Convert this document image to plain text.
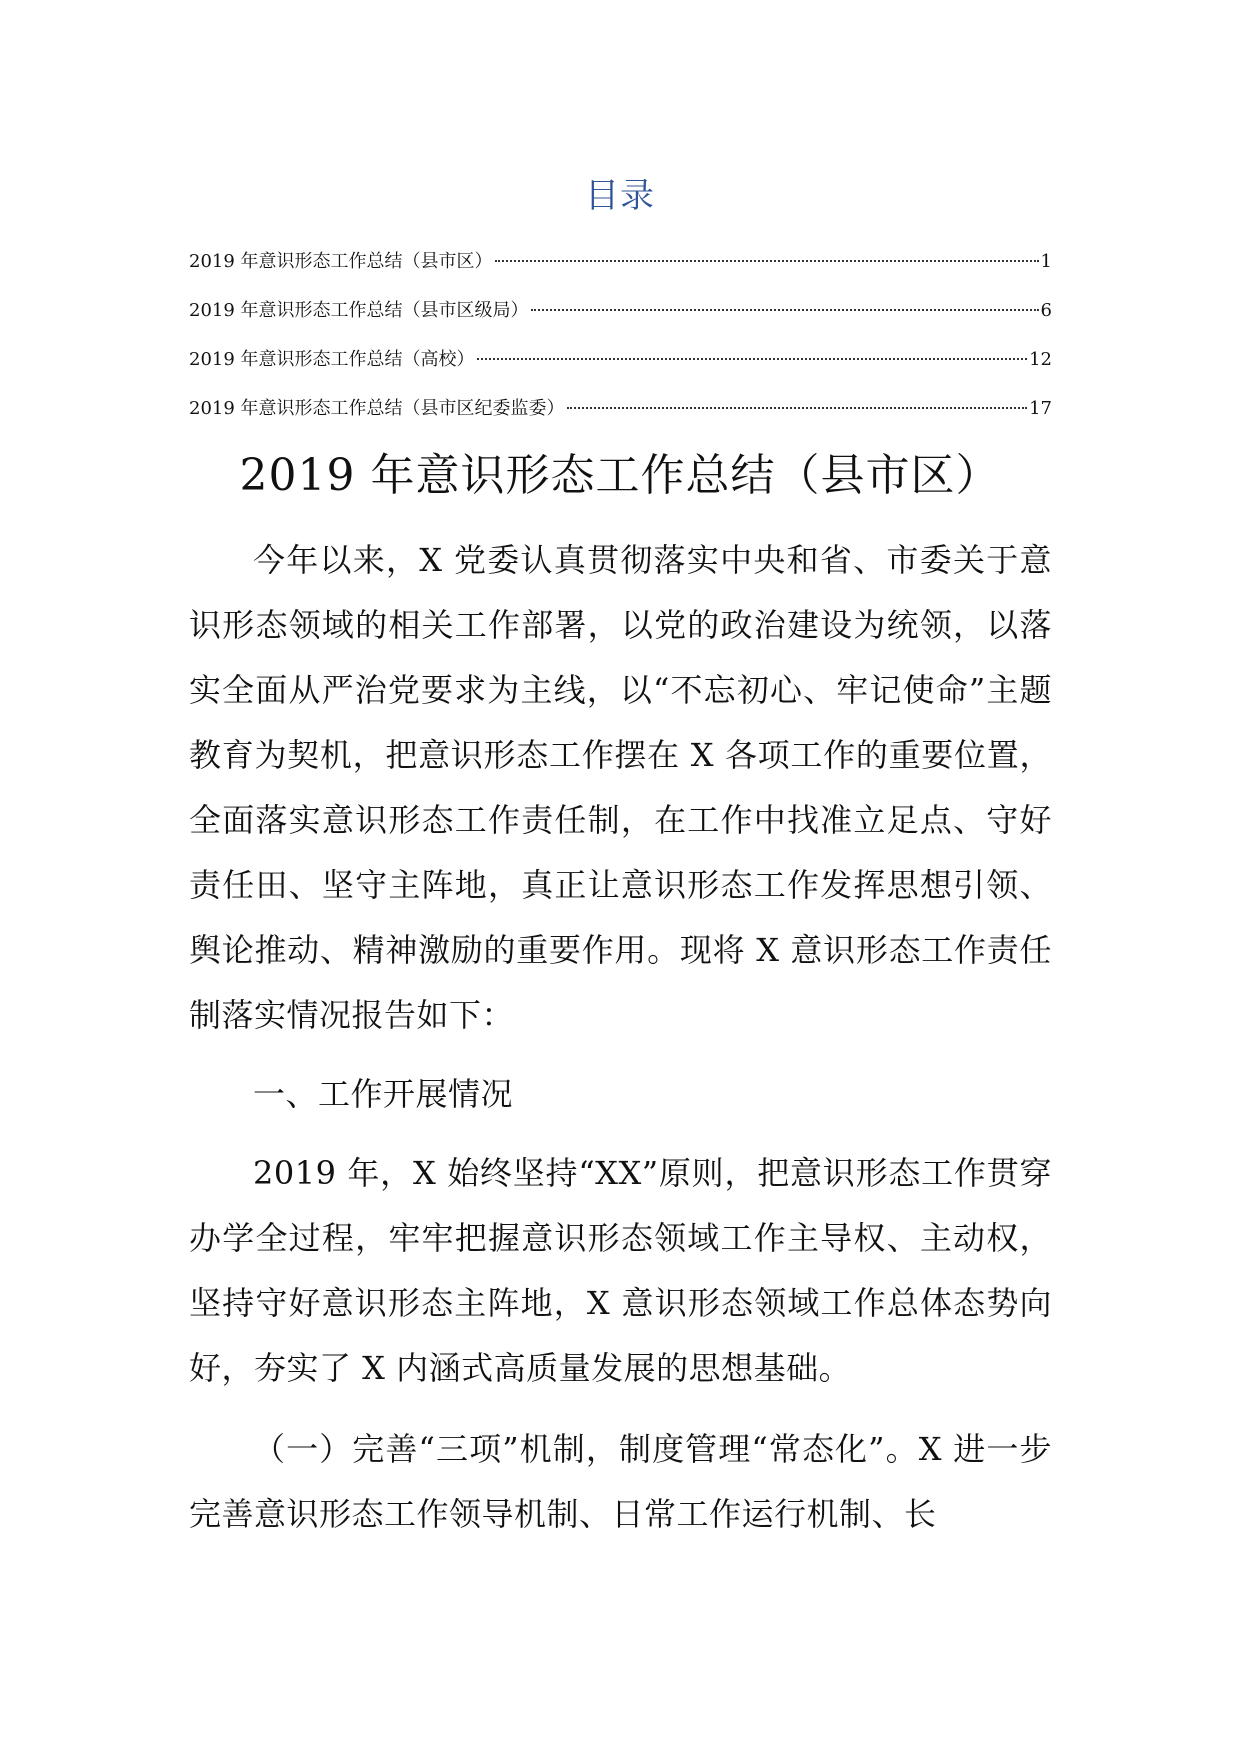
目录
2019 年意识形态工作总结（县市区）	1
2019 年意识形态工作总结（县市区级局）	6
2019 年意识形态工作总结（高校）	12
2019 年意识形态工作总结（县市区纪委监委）	17
2019 年意识形态工作总结（县市区）

今年以来，X 党委认真贯彻落实中央和省、市委关于意识形态领域的相关工作部署，以党的政治建设为统领，以落实全面从严治党要求为主线，以“不忘初心、牢记使命”主题教育为契机，把意识形态工作摆在 X 各项工作的重要位置，全面落实意识形态工作责任制，在工作中找准立足点、守好责任田、坚守主阵地，真正让意识形态工作发挥思想引领、舆论推动、精神激励的重要作用。现将 X 意识形态工作责任制落实情况报告如下：

一、工作开展情况

2019 年，X 始终坚持“XX”原则，把意识形态工作贯穿办学全过程，牢牢把握意识形态领域工作主导权、主动权，坚持守好意识形态主阵地，X 意识形态领域工作总体态势向好，夯实了 X 内涵式高质量发展的思想基础。

（一）完善“三项”机制，制度管理“常态化”。X 进一步完善意识形态工作领导机制、日常工作运行机制、长
